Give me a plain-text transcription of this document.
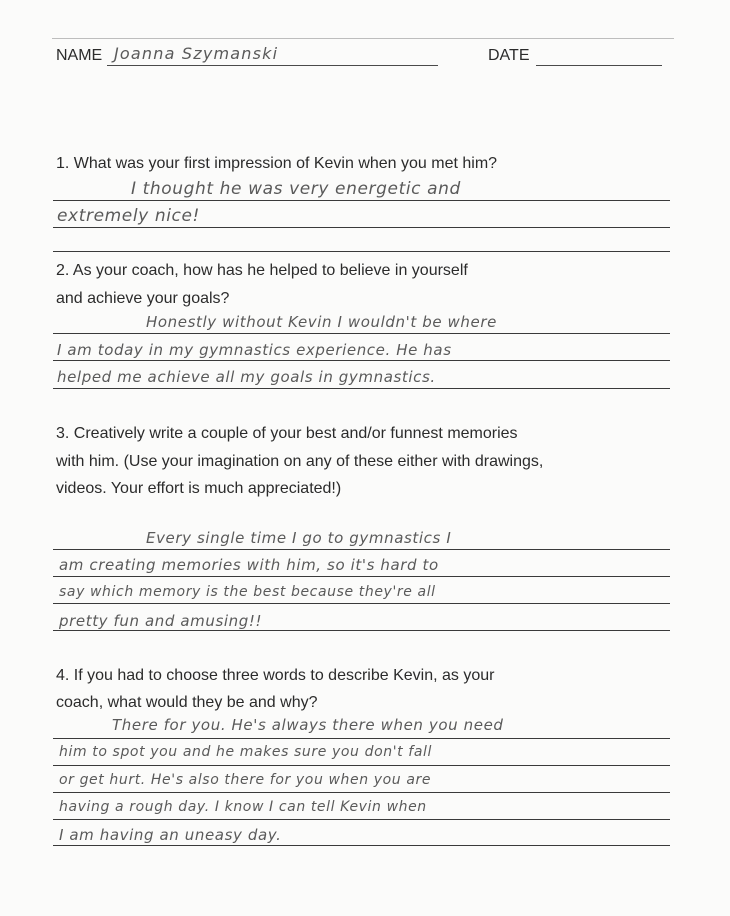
NAME Joanna Szymanski	DATE
1. What was your first impression of Kevin when you met him?
I thought he was very energetic and
extremely nice!
2. As your coach, how has he helped to believe in yourself
and achieve your goals?
Honestly without Kevin I wouldn't be where
I am today in my gymnastics experience. He has
helped me achieve all my goals in gymnastics.
3. Creatively write a couple of your best and/or funnest memories
with him. (Use your imagination on any of these either with drawings,
videos. Your effort is much appreciated!)
Every single time I go to gymnastics I
am creating memories with him, so it's hard to
say which memory is the best because they're all
pretty fun and amusing!!
4. If you had to choose three words to describe Kevin, as your
coach, what would they be and why?
There for you. He's always there when you need
him to spot you and he makes sure you don't fall
or get hurt. He's also there for you when you are
having a rough day. I know I can tell Kevin when
I am having an uneasy day.
